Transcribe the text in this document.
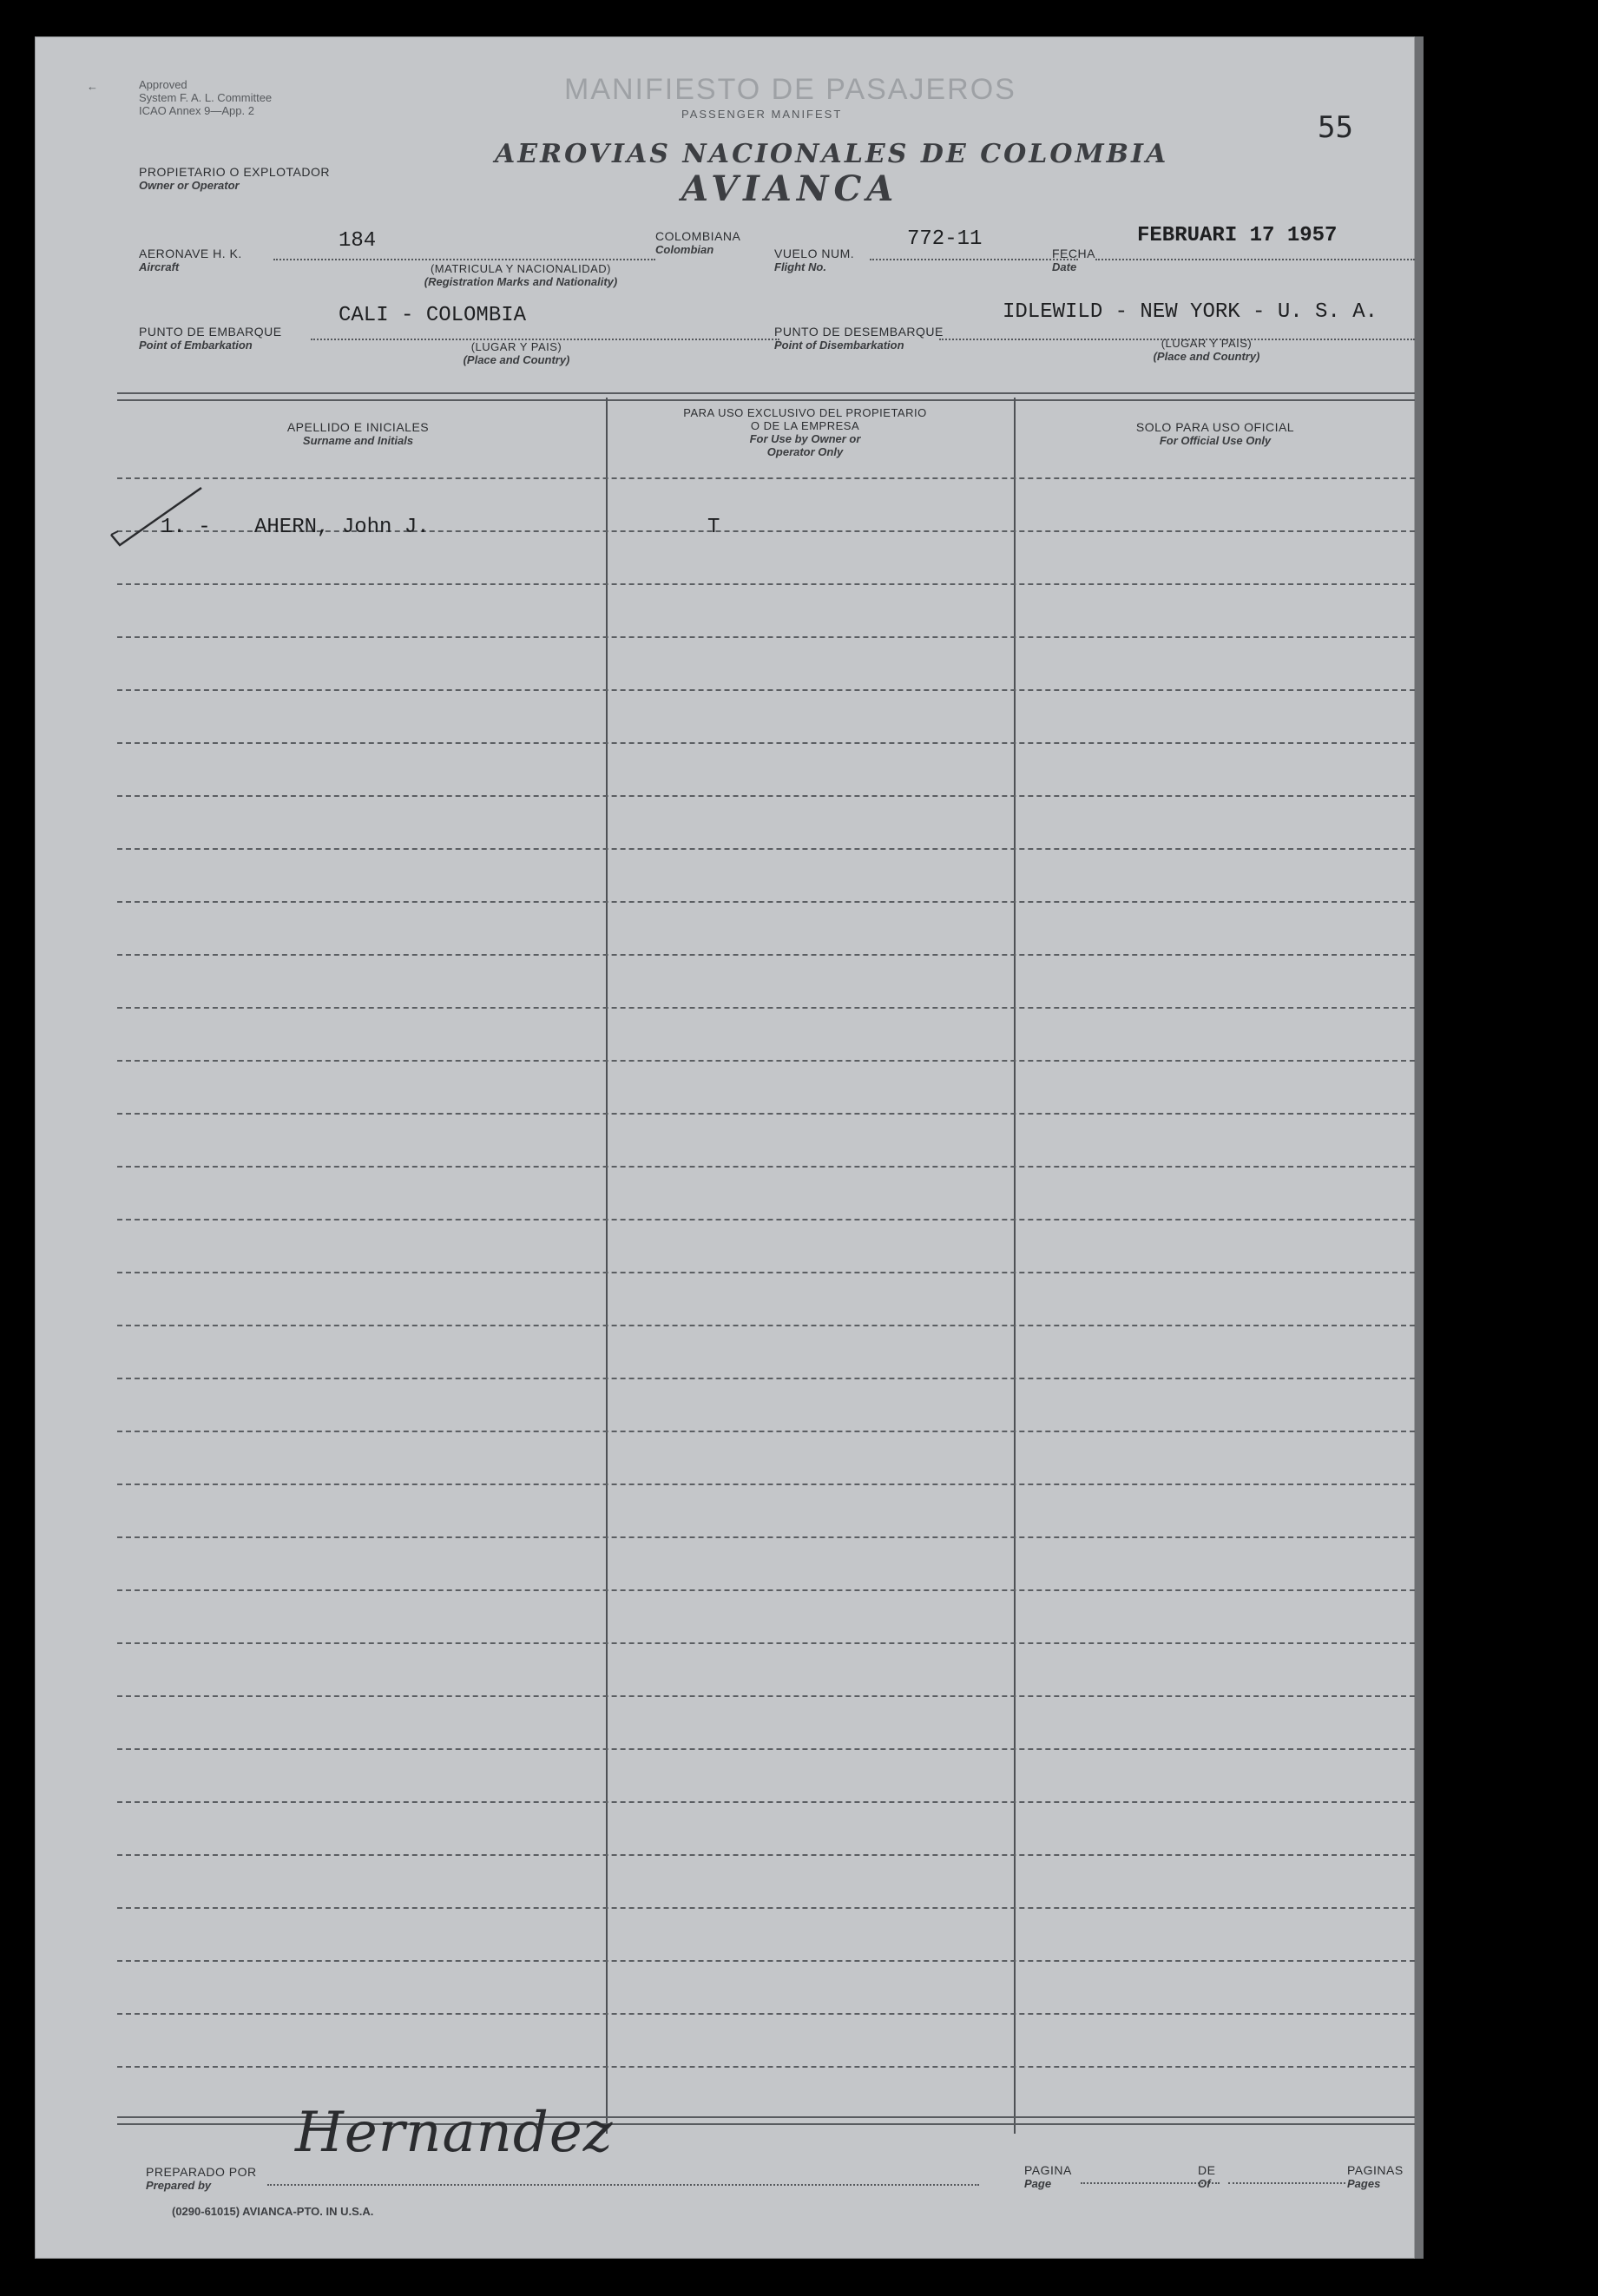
←	Approved
System F. A. L. Committee
ICAO Annex 9—App. 2	55
MANIFIESTO DE PASAJEROS
PASSENGER MANIFEST
AEROVIAS NACIONALES DE COLOMBIA
AVIANCA
PROPIETARIO O EXPLOTADOR
Owner or Operator
AERONAVE H. K.
Aircraft
184
(MATRICULA Y NACIONALIDAD)
(Registration Marks and Nationality)
COLOMBIANA
Colombian	VUELO NUM.
Flight No.
772-11
FECHA
Date
FEBRUARI 17 1957
PUNTO DE EMBARQUE
Point of Embarkation
CALI - COLOMBIA
(LUGAR Y PAIS)
(Place and Country)
PUNTO DE DESEMBARQUE
Point of Disembarkation
IDLEWILD - NEW YORK - U. S. A.
(LUGAR Y PAIS)
(Place and Country)
APELLIDO E INICIALES
Surname and Initials
PARA USO EXCLUSIVO DEL PROPIETARIO
O DE LA EMPRESA
For Use by Owner or
Operator Only
SOLO PARA USO OFICIAL
For Official Use Only
1. - AHERN, John J.	T
PREPARADO POR
Prepared by
Hernandez
PAGINA
Page
DE
Of
PAGINAS
Pages
(0290-61015) AVIANCA-PTO. IN U.S.A.
